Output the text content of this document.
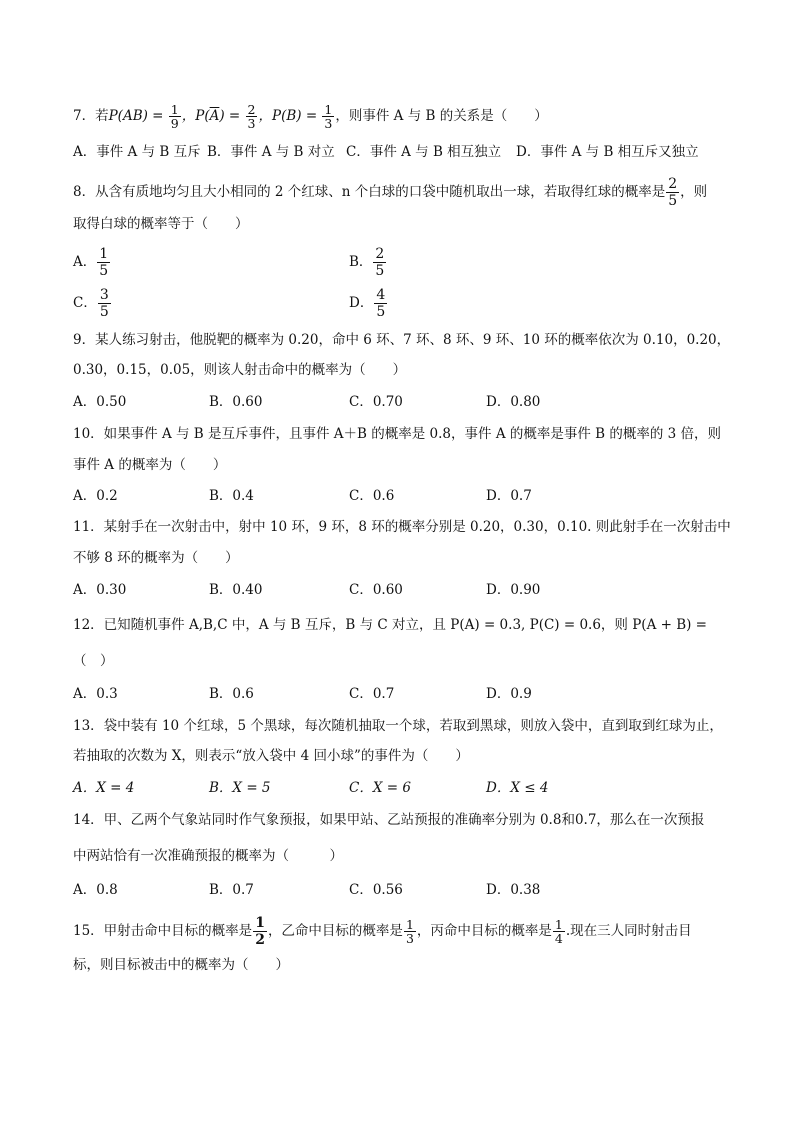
7．若$P(AB) = \frac{1}{9}$ ，$P(\overline{A}) = \frac{2}{3}$ ，$P(B) = \frac{1}{3}$ ，则事件 A 与 B 的关系是（　　）
A．事件 A 与 B 互斥 B．事件 A 与 B 对立 C．事件 A 与 B 相互独立 D．事件 A 与 B 相互斥又独立
8．从含有质地均匀且大小相同的 2 个红球、n 个白球的口袋中随机取出一球，若取得红球的概率是 $\frac{2}{5}$ ，则
取得白球的概率等于（　　）
A． $\frac{1}{5}$	B． $\frac{2}{5}$
C． $\frac{3}{5}$	D． $\frac{4}{5}$
9．某人练习射击，他脱靶的概率为 0.20，命中 6 环、7 环、8 环、9 环、10 环的概率依次为 0.10，0.20，
0.30，0.15，0.05，则该人射击命中的概率为（　　）
A．0.50	B．0.60	C．0.70	D．0.80
10．如果事件 A 与 B 是互斥事件，且事件 A＋B 的概率是 0.8，事件 A 的概率是事件 B 的概率的 3 倍，则
事件 A 的概率为（　　）
A．0.2	B．0.4	C．0.6	D．0.7
11．某射手在一次射击中，射中 10 环，9 环，8 环的概率分别是 0.20，0.30，0.10. 则此射手在一次射击中
不够 8 环的概率为（　　）
A．0.30	B．0.40	C．0.60	D．0.90
12．已知随机事件 A,B,C 中，A 与 B 互斥，B 与 C 对立，且 P(A) = 0.3, P(C) = 0.6，则 P(A + B) =
（　）
A．0.3	B．0.6	C．0.7	D．0.9
13．袋中装有 10 个红球，5 个黑球，每次随机抽取一个球，若取到黑球，则放入袋中，直到取到红球为止，
若抽取的次数为 X，则表示“放入袋中 4 回小球”的事件为（　　）
A．X = 4	B．X = 5	C．X = 6	D．X ≤ 4
14．甲、乙两个气象站同时作气象预报，如果甲站、乙站预报的准确率分别为 0.8和0.7，那么在一次预报
中两站恰有一次准确预报的概率为（　　　）
A．0.8	B．0.7	C．0.56	D．0.38
15．甲射击命中目标的概率是 $\frac{1}{2}$ ，乙命中目标的概率是 $\frac{1}{3}$ ，丙命中目标的概率是 $\frac{1}{4}$ .现在三人同时射击目
标，则目标被击中的概率为（　　）
